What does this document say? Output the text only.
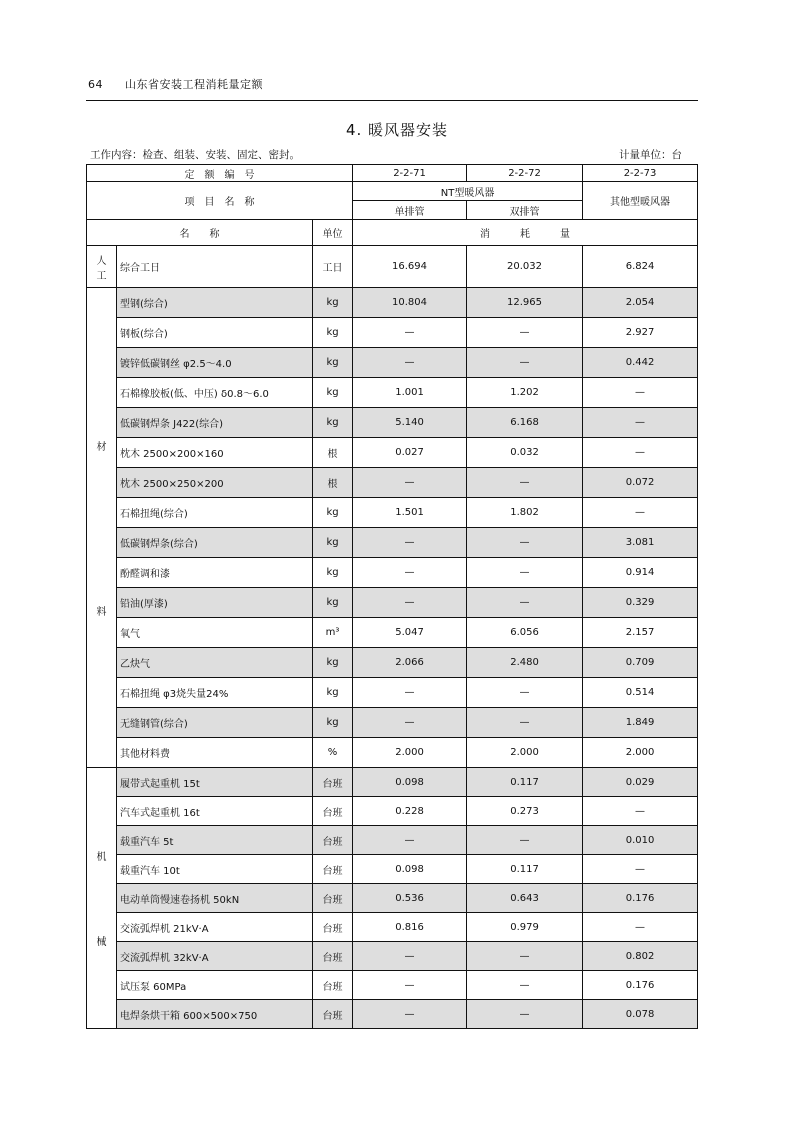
64 山东省安装工程消耗量定额
4. 暖风器安装
工作内容：检查、组装、安装、固定、密封。	计量单位：台
定　额　编　号			2-2-71	2-2-72	2-2-73
项　目　名　称			NT型暖风器		其他型暖风器
			单排管	双排管	
名　　称		单位	消　　　耗　　　量		

人
工	综合工日	工日	16.694	20.032	6.824

材
料	型钢(综合)	kg	10.804	12.965	2.054
	钢板(综合)	kg	—	—	2.927
	镀锌低碳钢丝 φ2.5～4.0	kg	—	—	0.442
	石棉橡胶板(低、中压) δ0.8～6.0	kg	1.001	1.202	—
	低碳钢焊条 J422(综合)	kg	5.140	6.168	—
	枕木 2500×200×160	根	0.027	0.032	—
	枕木 2500×250×200	根	—	—	0.072
	石棉扭绳(综合)	kg	1.501	1.802	—
	低碳钢焊条(综合)	kg	—	—	3.081
	酚醛调和漆	kg	—	—	0.914
	铅油(厚漆)	kg	—	—	0.329
	氧气	m³	5.047	6.056	2.157
	乙炔气	kg	2.066	2.480	0.709
	石棉扭绳 φ3烧失量24%	kg	—	—	0.514
	无缝钢管(综合)	kg	—	—	1.849
	其他材料费	%	2.000	2.000	2.000

机
械	履带式起重机 15t	台班	0.098	0.117	0.029
	汽车式起重机 16t	台班	0.228	0.273	—
	载重汽车 5t	台班	—	—	0.010
	载重汽车 10t	台班	0.098	0.117	—
	电动单筒慢速卷扬机 50kN	台班	0.536	0.643	0.176
	交流弧焊机 21kV·A	台班	0.816	0.979	—
	交流弧焊机 32kV·A	台班	—	—	0.802
	试压泵 60MPa	台班	—	—	0.176
	电焊条烘干箱 600×500×750	台班	—	—	0.078
